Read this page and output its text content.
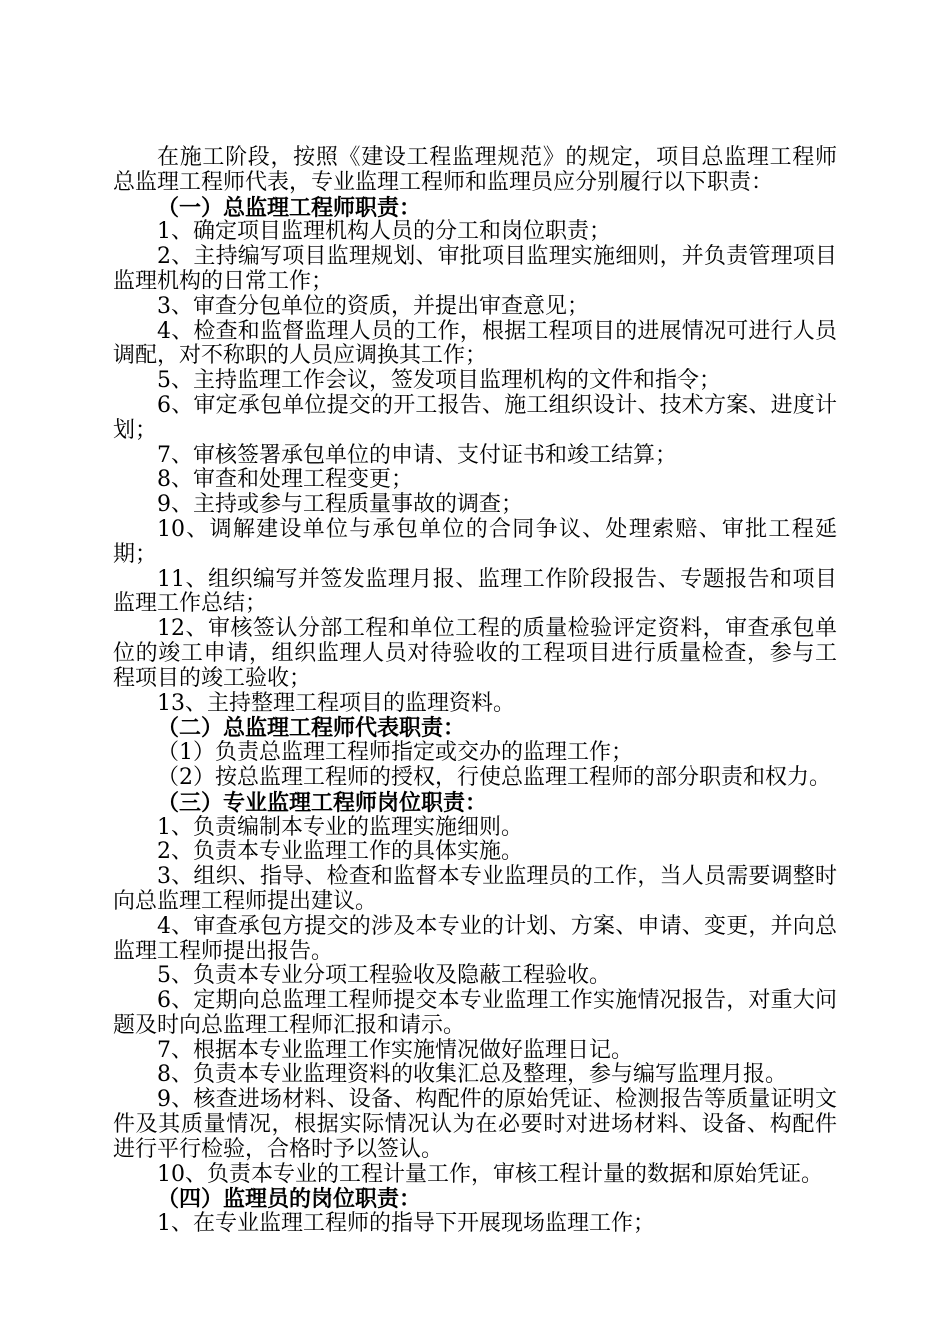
在施工阶段，按照《建设工程监理规范》的规定，项目总监理工程师总监理工程师代表，专业监理工程师和监理员应分别履行以下职责：

（一）总监理工程师职责：

1、确定项目监理机构人员的分工和岗位职责；

2、主持编写项目监理规划、审批项目监理实施细则，并负责管理项目监理机构的日常工作；

3、审查分包单位的资质，并提出审查意见；

4、检查和监督监理人员的工作，根据工程项目的进展情况可进行人员调配，对不称职的人员应调换其工作；

5、主持监理工作会议，签发项目监理机构的文件和指令；

6、审定承包单位提交的开工报告、施工组织设计、技术方案、进度计划；

7、审核签署承包单位的申请、支付证书和竣工结算；

8、审查和处理工程变更；

9、主持或参与工程质量事故的调查；

10、调解建设单位与承包单位的合同争议、处理索赔、审批工程延期；

11、组织编写并签发监理月报、监理工作阶段报告、专题报告和项目监理工作总结；

12、审核签认分部工程和单位工程的质量检验评定资料，审查承包单位的竣工申请，组织监理人员对待验收的工程项目进行质量检查，参与工程项目的竣工验收；

13、主持整理工程项目的监理资料。

（二）总监理工程师代表职责：

（1）负责总监理工程师指定或交办的监理工作；

（2）按总监理工程师的授权，行使总监理工程师的部分职责和权力。

（三）专业监理工程师岗位职责：

1、负责编制本专业的监理实施细则。

2、负责本专业监理工作的具体实施。

3、组织、指导、检查和监督本专业监理员的工作，当人员需要调整时向总监理工程师提出建议。

4、审查承包方提交的涉及本专业的计划、方案、申请、变更，并向总监理工程师提出报告。

5、负责本专业分项工程验收及隐蔽工程验收。

6、定期向总监理工程师提交本专业监理工作实施情况报告，对重大问题及时向总监理工程师汇报和请示。

7、根据本专业监理工作实施情况做好监理日记。

8、负责本专业监理资料的收集汇总及整理，参与编写监理月报。

9、核查进场材料、设备、构配件的原始凭证、检测报告等质量证明文件及其质量情况，根据实际情况认为在必要时对进场材料、设备、构配件进行平行检验，合格时予以签认。

10、负责本专业的工程计量工作，审核工程计量的数据和原始凭证。

（四）监理员的岗位职责：

1、在专业监理工程师的指导下开展现场监理工作；
